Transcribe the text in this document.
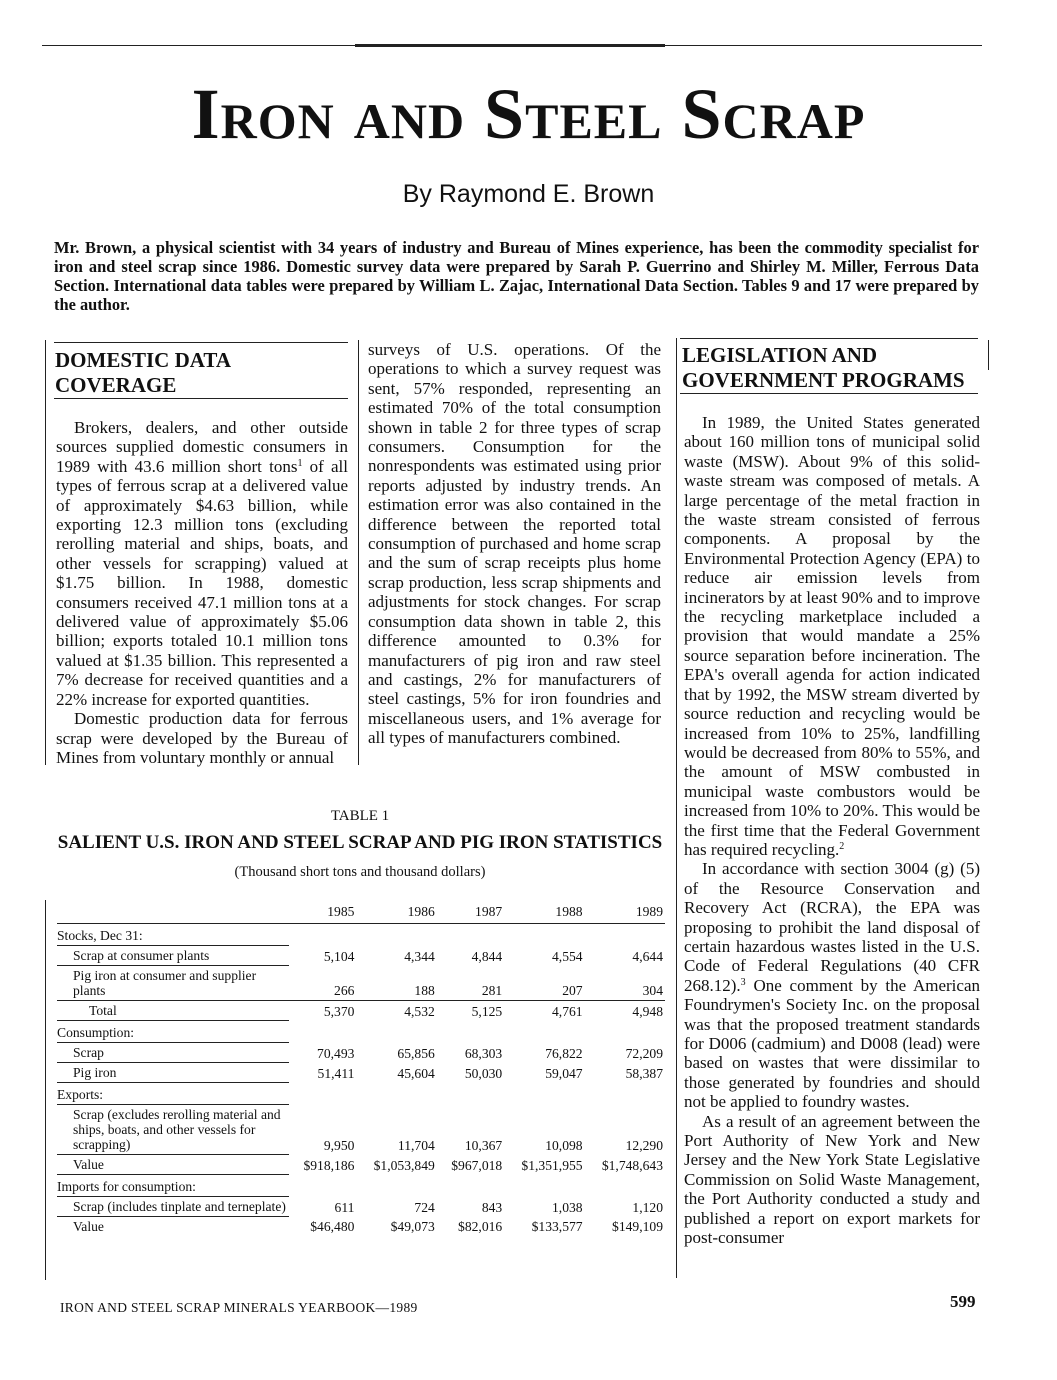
Iron and Steel Scrap
By Raymond E. Brown
Mr. Brown, a physical scientist with 34 years of industry and Bureau of Mines experience, has been the commodity specialist for iron and steel scrap since 1986. Domestic survey data were prepared by Sarah P. Guerrino and Shirley M. Miller, Ferrous Data Section. International data tables were prepared by William L. Zajac, International Data Section. Tables 9 and 17 were prepared by the author.
DOMESTIC DATA
COVERAGE

Brokers, dealers, and other outside sources supplied domestic consumers in 1989 with 43.6 million short tons$^1$ of all types of ferrous scrap at a delivered value of approximately $4.63 billion, while exporting 12.3 million tons (excluding rerolling material and ships, boats, and other vessels for scrapping) valued at $1.75 billion. In 1988, domestic consumers received 47.1 million tons at a delivered value of approximately $5.06 billion; exports totaled 10.1 million tons valued at $1.35 billion. This represented a 7% decrease for received quantities and a 22% increase for exported quantities.

Domestic production data for ferrous scrap were developed by the Bureau of Mines from voluntary monthly or annual

surveys of U.S. operations. Of the operations to which a survey request was sent, 57% responded, representing an estimated 70% of the total consumption shown in table 2 for three types of scrap consumers. Consumption for the nonrespondents was estimated using prior reports adjusted by industry trends. An estimation error was also contained in the difference between the reported total consumption of purchased and home scrap and the sum of scrap receipts plus home scrap production, less scrap shipments and adjustments for stock changes. For scrap consumption data shown in table 2, this difference amounted to 0.3% for manufacturers of pig iron and raw steel and castings, 2% for manufacturers of steel castings, 5% for iron foundries and miscellaneous users, and 1% average for all types of manufacturers combined.

LEGISLATION AND
GOVERNMENT PROGRAMS

In 1989, the United States generated about 160 million tons of municipal solid waste (MSW). About 9% of this solid-waste stream was composed of metals. A large percentage of the metal fraction in the waste stream consisted of ferrous components. A proposal by the Environmental Protection Agency (EPA) to reduce air emission levels from incinerators by at least 90% and to improve the recycling marketplace included a provision that would mandate a 25% source separation before incineration. The EPA's overall agenda for action indicated that by 1992, the MSW stream diverted by source reduction and recycling would be increased from 10% to 25%, landfilling would be decreased from 80% to 55%, and the amount of MSW combusted in municipal waste combustors would be increased from 10% to 20%. This would be the first time that the Federal Government has required recycling.$^2$

In accordance with section 3004 (g) (5) of the Resource Conservation and Recovery Act (RCRA), the EPA was proposing to prohibit the land disposal of certain hazardous wastes listed in the U.S. Code of Federal Regulations (40 CFR 268.12).$^3$ One comment by the American Foundrymen's Society Inc. on the proposal was that the proposed treatment standards for D006 (cadmium) and D008 (lead) were based on wastes that were dissimilar to those generated by foundries and should not be applied to foundry wastes.

As a result of an agreement between the Port Authority of New York and New Jersey and the New York State Legislative Commission on Solid Waste Management, the Port Authority conducted a study and published a report on export markets for post-consumer

TABLE 1
SALIENT U.S. IRON AND STEEL SCRAP AND PIG IRON STATISTICS
(Thousand short tons and thousand dollars)
	1985	1986	1987	1988	1989
Stocks, Dec 31:					
Scrap at consumer plants	5,104	4,344	4,844	4,554	4,644
Pig iron at consumer and supplier plants	266	188	281	207	304
Total	5,370	4,532	5,125	4,761	4,948
Consumption:					
Scrap	70,493	65,856	68,303	76,822	72,209
Pig iron	51,411	45,604	50,030	59,047	58,387
Exports:					
Scrap (excludes rerolling material and ships, boats, and other vessels for scrapping)	9,950	11,704	10,367	10,098	12,290
Value	$918,186	$1,053,849	$967,018	$1,351,955	$1,748,643
Imports for consumption:					
Scrap (includes tinplate and terneplate)	611	724	843	1,038	1,120
Value	$46,480	$49,073	$82,016	$133,577	$149,109
IRON AND STEEL SCRAP MINERALS YEARBOOK—1989	599
